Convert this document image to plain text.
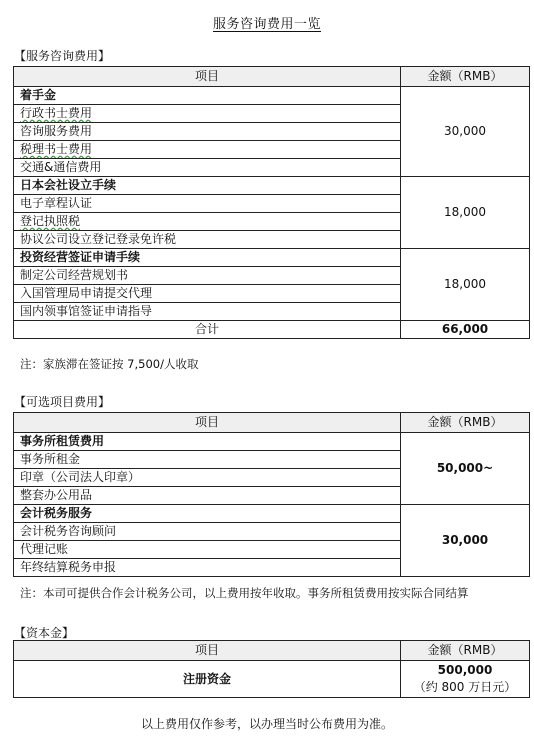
服务咨询费用一览
【服务咨询费用】
项目	金额（RMB）
着手金	30,000
行政书士费用	
咨询服务费用	
税理书士费用	
交通&通信费用	
日本会社设立手续	18,000
电子章程认证	
登记执照税	
协议公司设立登记登录免许税	
投资经营签证申请手续	18,000
制定公司经营规划书	
入国管理局申请提交代理	
国内领事馆签证申请指导	
合计	66,000
注：家族滞在签证按 7,500/人收取
【可选项目费用】
项目	金额（RMB）
事务所租赁费用	50,000~
事务所租金	
印章（公司法人印章）	
整套办公用品	
会计税务服务	30,000
会计税务咨询顾问	
代理记账	
年终结算税务申报	
注：本司可提供合作会计税务公司，以上费用按年收取。事务所租赁费用按实际合同结算
【资本金】
项目	金额（RMB）
注册资金	500,000
（约 800 万日元）
以上费用仅作参考，以办理当时公布费用为准。
